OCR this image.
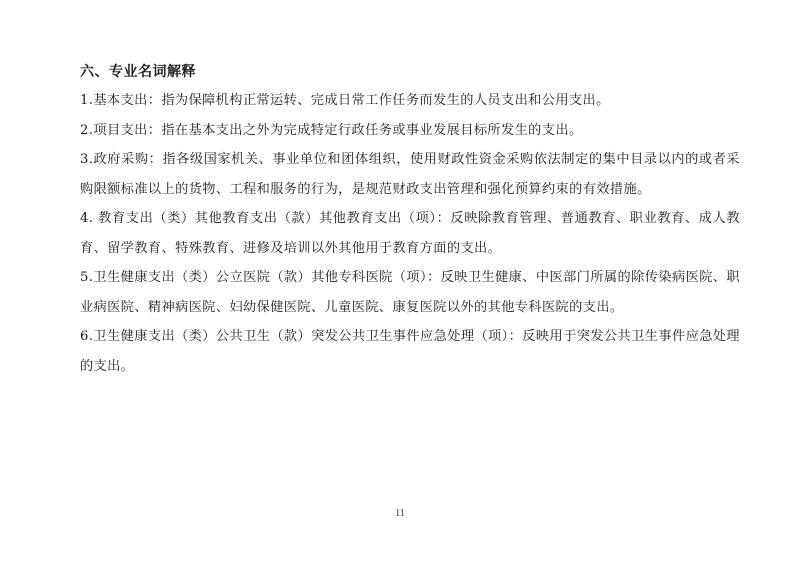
六、专业名词解释

1.基本支出：指为保障机构正常运转、完成日常工作任务而发生的人员支出和公用支出。

2.项目支出：指在基本支出之外为完成特定行政任务或事业发展目标所发生的支出。

3.政府采购：指各级国家机关、事业单位和团体组织，使用财政性资金采购依法制定的集中目录以内的或者采购限额标准以上的货物、工程和服务的行为，是规范财政支出管理和强化预算约束的有效措施。

4. 教育支出（类）其他教育支出（款）其他教育支出（项）：反映除教育管理、普通教育、职业教育、成人教育、留学教育、特殊教育、进修及培训以外其他用于教育方面的支出。

5.卫生健康支出（类）公立医院（款）其他专科医院（项）：反映卫生健康、中医部门所属的除传染病医院、职业病医院、精神病医院、妇幼保健医院、儿童医院、康复医院以外的其他专科医院的支出。

6.卫生健康支出（类）公共卫生（款）突发公共卫生事件应急处理（项）：反映用于突发公共卫生事件应急处理的支出。

11
